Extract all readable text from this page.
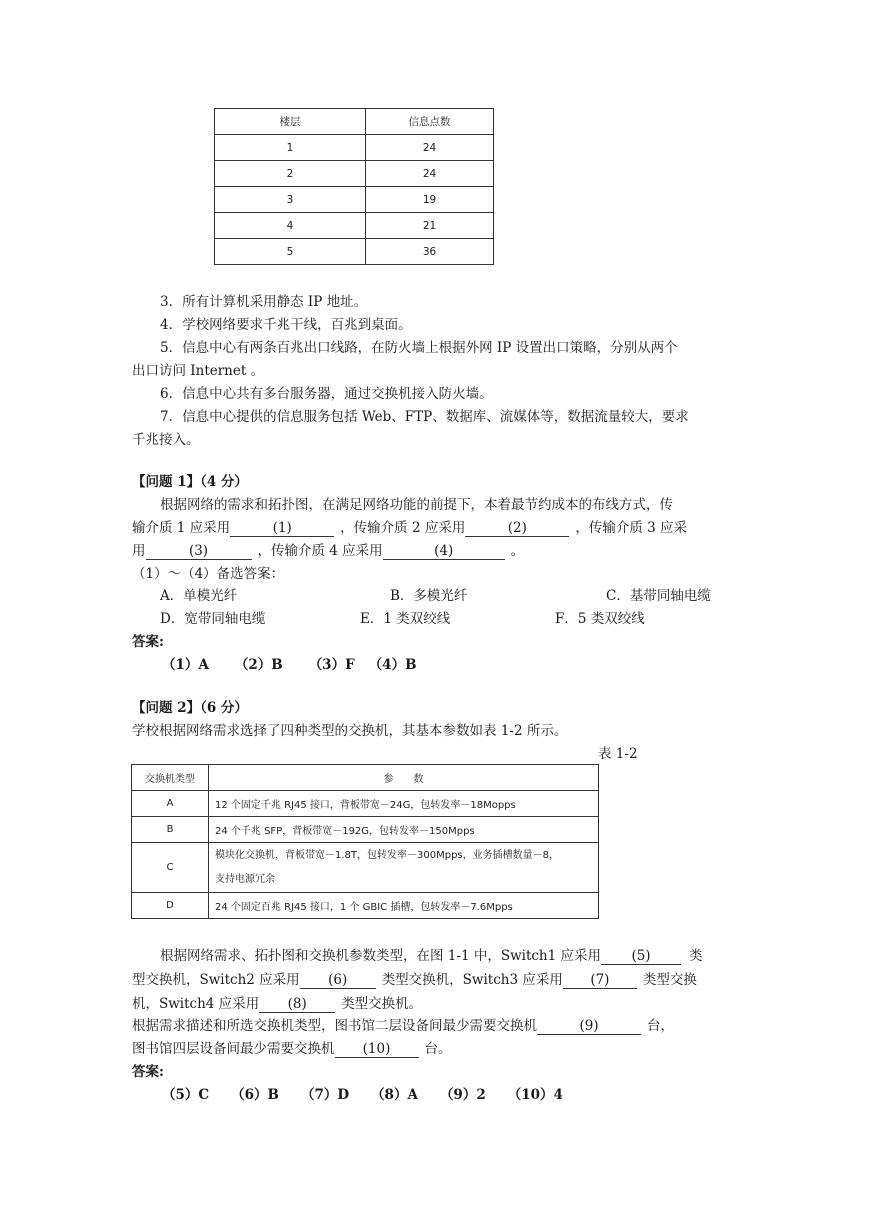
楼层	信息点数
1	24
2	24
3	19
4	21
5	36
3．所有计算机采用静态 IP 地址。
4．学校网络要求千兆干线，百兆到桌面。
5．信息中心有两条百兆出口线路，在防火墙上根据外网 IP 设置出口策略，分别从两个
出口访问 Internet 。
6．信息中心共有多台服务器，通过交换机接入防火墙。
7．信息中心提供的信息服务包括 Web、FTP、数据库、流媒体等，数据流量较大，要求
千兆接入。
【问题 1】（4 分）
根据网络的需求和拓扑图，在满足网络功能的前提下，本着最节约成本的布线方式，传
输介质 1 应采用	(1)	，传输介质 2 应采用	(2)	，传输介质 3 应采
用	(3)	，传输介质 4 应采用	(4)	。
（1）～（4）备选答案：
A．单模光纤	B．多模光纤	C．基带同轴电缆
D．宽带同轴电缆	E．1 类双绞线	F．5 类双绞线
答案:
（1）A （2）B （3）F （4）B
【问题 2】（6 分）
学校根据网络需求选择了四种类型的交换机，其基本参数如表 1-2 所示。
表 1-2
交换机类型	参　　数
A	12 个固定千兆 RJ45 接口，背板带宽－24G，包转发率－18Mopps
B	24 个千兆 SFP，背板带宽－192G，包转发率－150Mpps
C	模块化交换机，背板带宽－1.8T，包转发率－300Mpps，业务插槽数量－8，
支持电源冗余

D	24 个固定百兆 RJ45 接口，1 个 GBIC 插槽，包转发率－7.6Mpps
根据网络需求、拓扑图和交换机参数类型，在图 1-1 中，Switch1 应采用 (5)	类
型交换机，Switch2 应采用 (6)	类型交换机，Switch3 应采用 (7) 类型交换
机，Switch4 应采用 (8)	类型交换机。
根据需求描述和所选交换机类型，图书馆二层设备间最少需要交换机	(9)	台，
图书馆四层设备间最少需要交换机 (10)	台。
答案:
（5）C （6）B （7）D （8）A （9）2 （10）4
